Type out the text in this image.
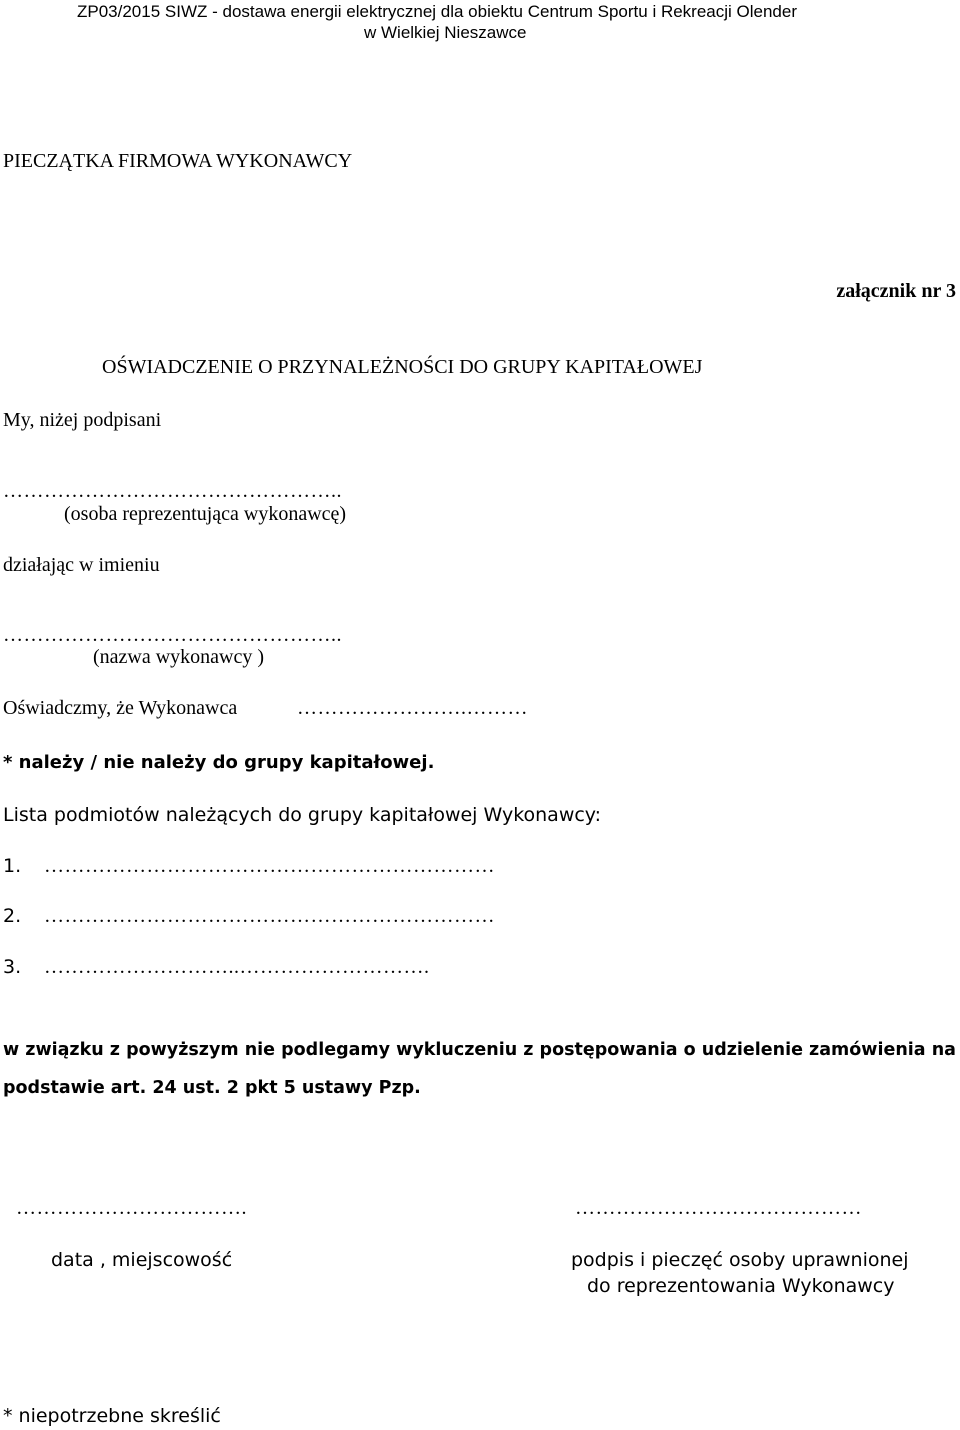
ZP03/2015 SIWZ - dostawa energii elektrycznej dla obiektu Centrum Sportu i Rekreacji Olender
w Wielkiej Nieszawce
PIECZĄTKA FIRMOWA WYKONAWCY
załącznik nr 3
OŚWIADCZENIE O PRZYNALEŻNOŚCI DO GRUPY KAPITAŁOWEJ
My, niżej podpisani
…………………………………………..
(osoba reprezentująca wykonawcę)
działając w imieniu
…………………………………………..
(nazwa wykonawcy )
Oświadczmy, że Wykonawca	…………………….………
* należy / nie należy do grupy kapitałowej.
Lista podmiotów należących do grupy kapitałowej Wykonawcy:
1. …………………………………………………………
2. …………………………………………………………
3. ………………………..……………………….
w związku z powyższym nie podlegamy wykluczeniu z postępowania o udzielenie zamówienia na
podstawie art. 24 ust. 2 pkt 5 ustawy Pzp.
…………………………….
data , miejscowość
……………………………………
podpis i pieczęć osoby uprawnionej
do reprezentowania Wykonawcy
* niepotrzebne skreślić
